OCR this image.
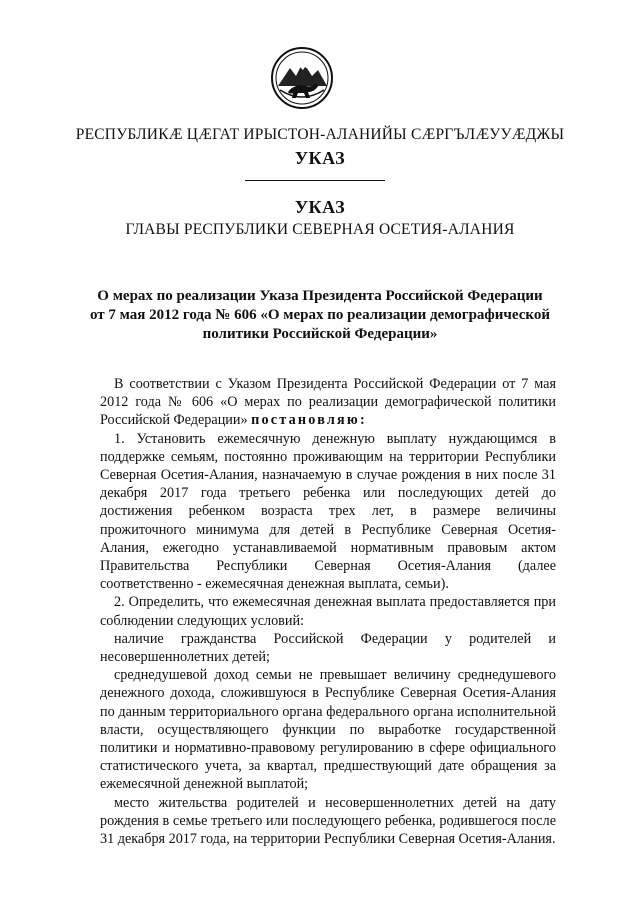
РЕСПУБЛИКӔ ЦӔГАТ ИРЫСТОН-АЛАНИЙЫ СӔРГЪЛӔУУӔДЖЫ
УКАЗ
УКАЗ
ГЛАВЫ РЕСПУБЛИКИ СЕВЕРНАЯ ОСЕТИЯ-АЛАНИЯ
О мерах по реализации Указа Президента Российской Федерации
от 7 мая 2012 года № 606 «О мерах по реализации демографической
политики Российской Федерации»

В соответствии с Указом Президента Российской Федерации от 7 мая 2012 года № 606 «О мерах по реализации демографической политики Российской Федерации» постановляю:

1. Установить ежемесячную денежную выплату нуждающимся в поддержке семьям, постоянно проживающим на территории Республики Северная Осетия-Алания, назначаемую в случае рождения в них после 31 декабря 2017 года третьего ребенка или последующих детей до достижения ребенком возраста трех лет, в размере величины прожиточного минимума для детей в Республике Северная Осетия-Алания, ежегодно устанавливаемой нормативным правовым актом Правительства Республики Северная Осетия-Алания (далее соответственно - ежемесячная денежная выплата, семьи).

2. Определить, что ежемесячная денежная выплата предоставляется при соблюдении следующих условий:

наличие гражданства Российской Федерации у родителей и несовершеннолетних детей;

среднедушевой доход семьи не превышает величину среднедушевого денежного дохода, сложившуюся в Республике Северная Осетия-Алания по данным территориального органа федерального органа исполнительной власти, осуществляющего функции по выработке государственной политики и нормативно-правовому регулированию в сфере официального статистического учета, за квартал, предшествующий дате обращения за ежемесячной денежной выплатой;

место жительства родителей и несовершеннолетних детей на дату рождения в семье третьего или последующего ребенка, родившегося после 31 декабря 2017 года, на территории Республики Северная Осетия-Алания.
